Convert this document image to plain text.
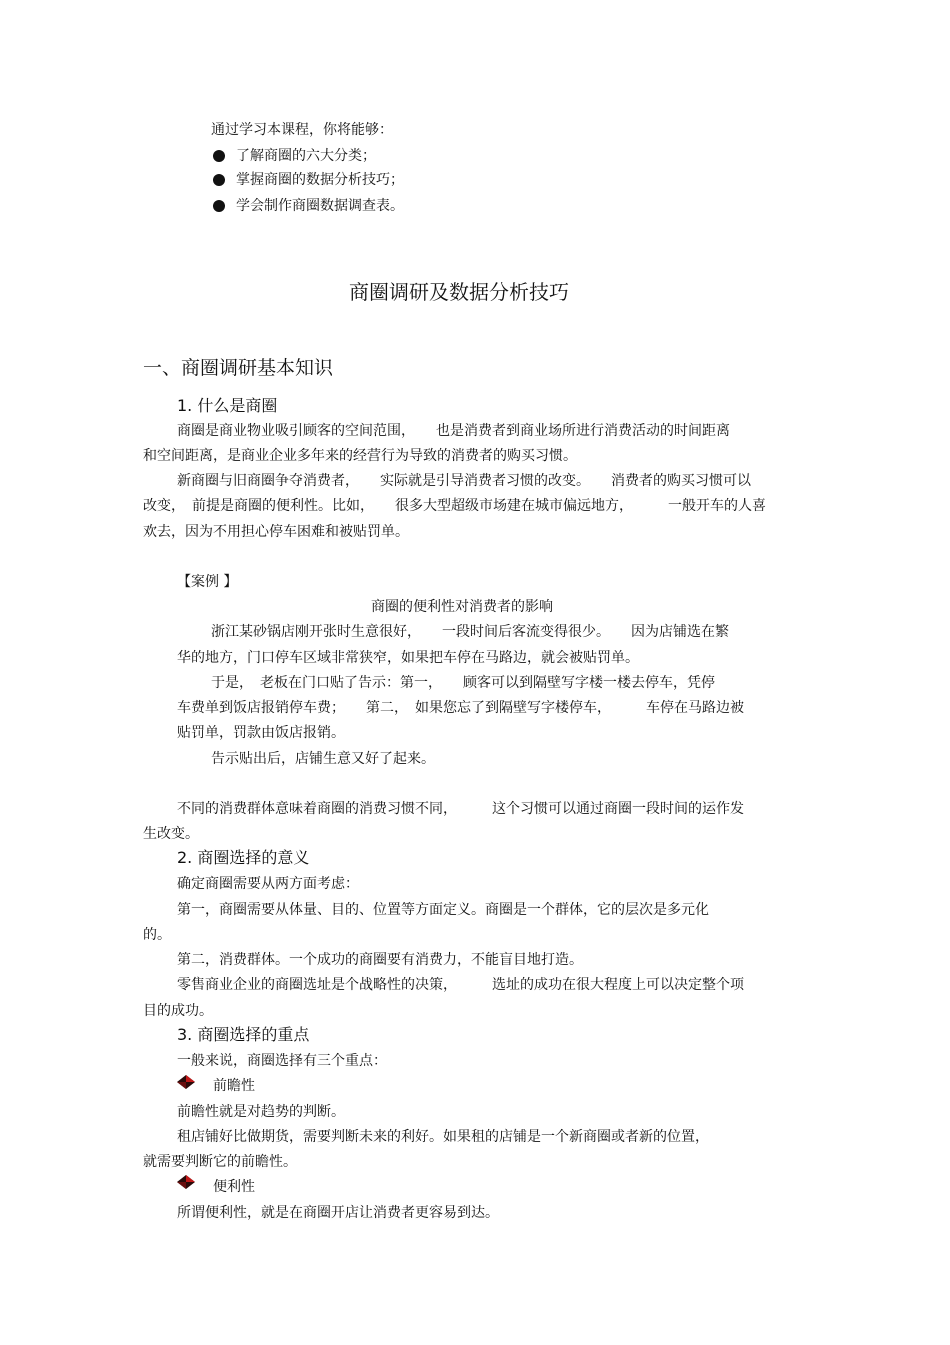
通过学习本课程，你将能够：
了解商圈的六大分类；
掌握商圈的数据分析技巧；
学会制作商圈数据调查表。
商圈调研及数据分析技巧
一、商圈调研基本知识
1. 什么是商圈
商圈是商业物业吸引顾客的空间范围，　　也是消费者到商业场所进行消费活动的时间距离
和空间距离，是商业企业多年来的经营行为导致的消费者的购买习惯。
新商圈与旧商圈争夺消费者，　　实际就是引导消费者习惯的改变。　　消费者的购买习惯可以
改变，　前提是商圈的便利性。比如，　　很多大型超级市场建在城市偏远地方，　　　一般开车的人喜
欢去，因为不用担心停车困难和被贴罚单。
【案例 】
商圈的便利性对消费者的影响
浙江某砂锅店刚开张时生意很好，　　一段时间后客流变得很少。　　因为店铺选在繁
华的地方，门口停车区域非常狭窄，如果把车停在马路边，就会被贴罚单。
于是，　老板在门口贴了告示：第一，　　顾客可以到隔壁写字楼一楼去停车，凭停
车费单到饭店报销停车费；　　第二，　如果您忘了到隔壁写字楼停车，　　　车停在马路边被
贴罚单，罚款由饭店报销。
告示贴出后，店铺生意又好了起来。
不同的消费群体意味着商圈的消费习惯不同，　　　这个习惯可以通过商圈一段时间的运作发
生改变。
2. 商圈选择的意义
确定商圈需要从两方面考虑：
第一，商圈需要从体量、目的、位置等方面定义。商圈是一个群体，它的层次是多元化
的。
第二，消费群体。一个成功的商圈要有消费力，不能盲目地打造。
零售商业企业的商圈选址是个战略性的决策，　　　选址的成功在很大程度上可以决定整个项
目的成功。
3. 商圈选择的重点
一般来说，商圈选择有三个重点：
前瞻性
前瞻性就是对趋势的判断。
租店铺好比做期货，需要判断未来的利好。如果租的店铺是一个新商圈或者新的位置，
就需要判断它的前瞻性。
便利性
所谓便利性，就是在商圈开店让消费者更容易到达。
